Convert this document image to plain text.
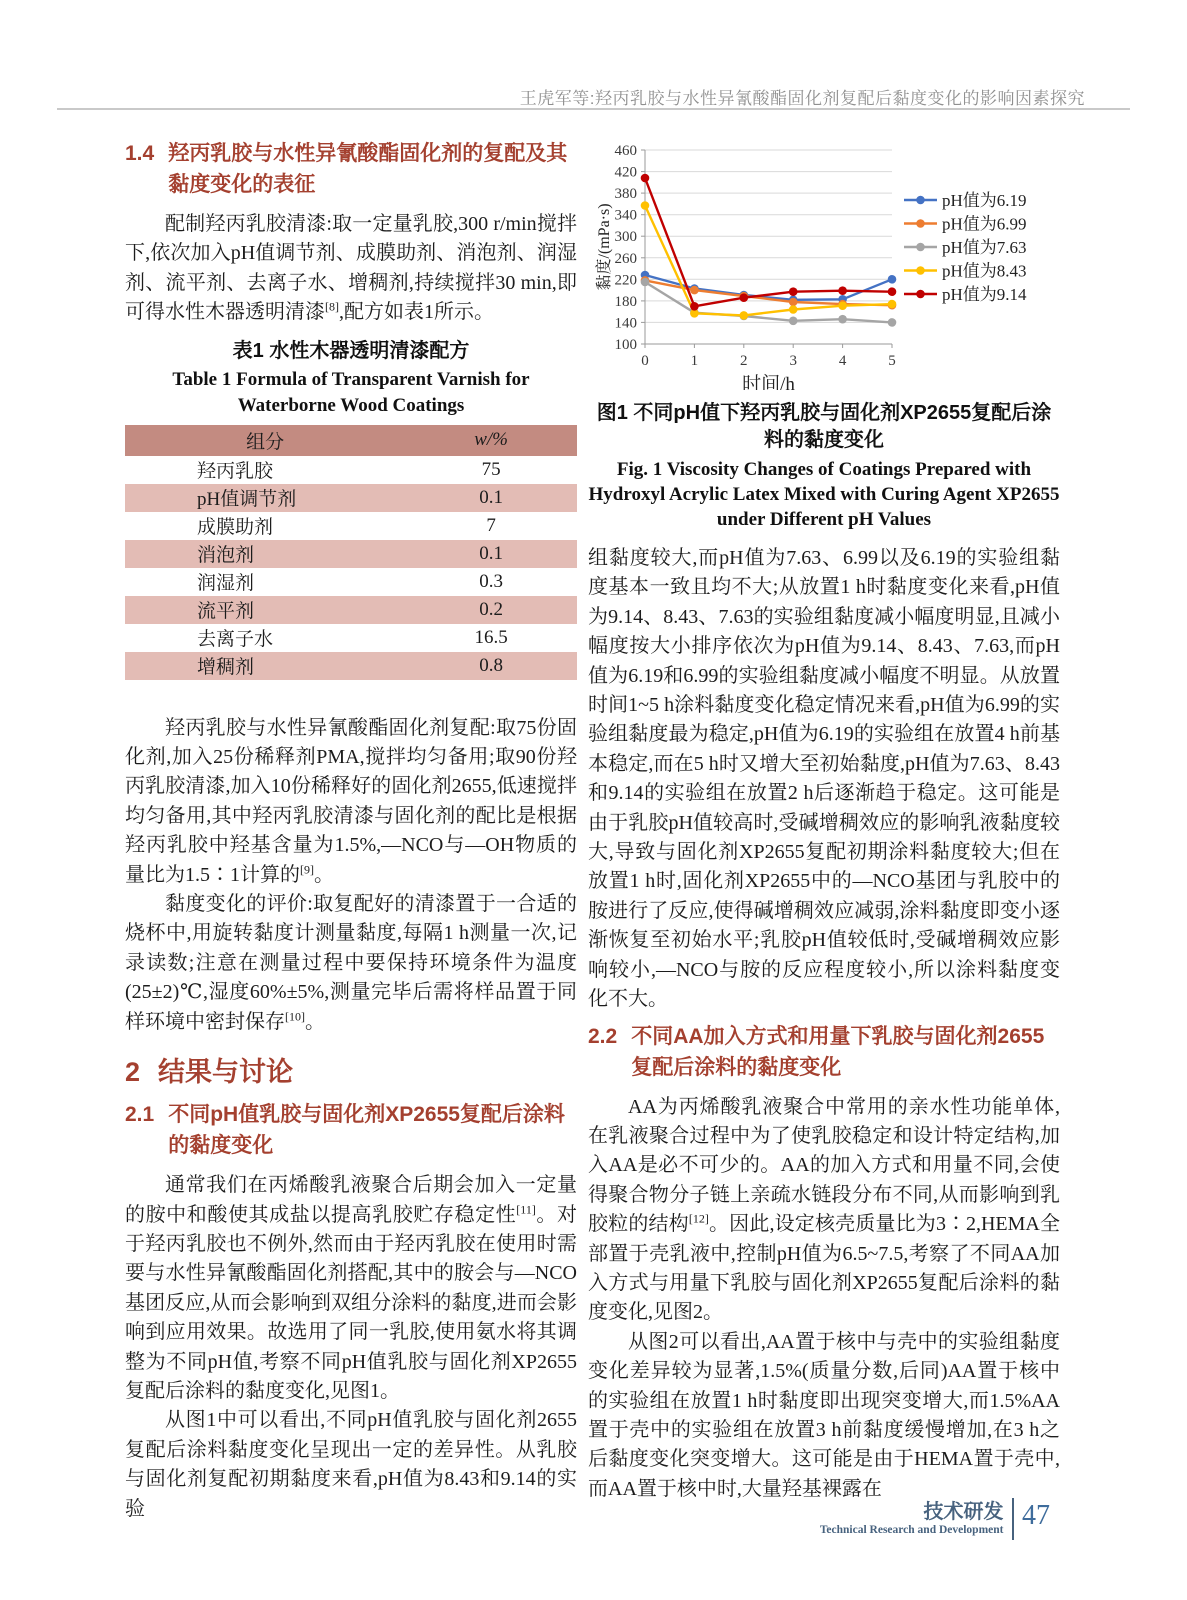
王虎军等:羟丙乳胶与水性异氰酸酯固化剂复配后黏度变化的影响因素探究
1.4 羟丙乳胶与水性异氰酸酯固化剂的复配及其黏度变化的表征

配制羟丙乳胶清漆:取一定量乳胶,300 r/min搅拌下,依次加入pH值调节剂、成膜助剂、消泡剂、润湿剂、流平剂、去离子水、增稠剂,持续搅拌30 min,即可得水性木器透明清漆[8],配方如表1所示。

表1 水性木器透明清漆配方
Table 1 Formula of Transparent Varnish for Waterborne Wood Coatings
组分	w/%
羟丙乳胶	75
pH值调节剂	0.1
成膜助剂	7
消泡剂	0.1
润湿剂	0.3
流平剂	0.2
去离子水	16.5
增稠剂	0.8

羟丙乳胶与水性异氰酸酯固化剂复配:取75份固化剂,加入25份稀释剂PMA,搅拌均匀备用;取90份羟丙乳胶清漆,加入10份稀释好的固化剂2655,低速搅拌均匀备用,其中羟丙乳胶清漆与固化剂的配比是根据羟丙乳胶中羟基含量为1.5%,—NCO与—OH物质的量比为1.5∶1计算的[9]。

黏度变化的评价:取复配好的清漆置于一合适的烧杯中,用旋转黏度计测量黏度,每隔1 h测量一次,记录读数;注意在测量过程中要保持环境条件为温度(25±2)℃,湿度60%±5%,测量完毕后需将样品置于同样环境中密封保存[10]。

2 结果与讨论
2.1 不同pH值乳胶与固化剂XP2655复配后涂料的黏度变化

通常我们在丙烯酸乳液聚合后期会加入一定量的胺中和酸使其成盐以提高乳胶贮存稳定性[11]。对于羟丙乳胶也不例外,然而由于羟丙乳胶在使用时需要与水性异氰酸酯固化剂搭配,其中的胺会与—NCO基团反应,从而会影响到双组分涂料的黏度,进而会影响到应用效果。故选用了同一乳胶,使用氨水将其调整为不同pH值,考察不同pH值乳胶与固化剂XP2655复配后涂料的黏度变化,见图1。

从图1中可以看出,不同pH值乳胶与固化剂2655复配后涂料黏度变化呈现出一定的差异性。从乳胶与固化剂复配初期黏度来看,pH值为8.43和9.14的实验

100
140
180
220
260
300
340
380
420
460
0	1	2	3	4	5
黏度/(mPa·s)
时间/h
pH值为6.19
pH值为6.99
pH值为7.63
pH值为8.43
pH值为9.14
图1 不同pH值下羟丙乳胶与固化剂XP2655复配后涂料的黏度变化
Fig. 1 Viscosity Changes of Coatings Prepared with Hydroxyl Acrylic Latex Mixed with Curing Agent XP2655 under Different pH Values

组黏度较大,而pH值为7.63、6.99以及6.19的实验组黏度基本一致且均不大;从放置1 h时黏度变化来看,pH值为9.14、8.43、7.63的实验组黏度减小幅度明显,且减小幅度按大小排序依次为pH值为9.14、8.43、7.63,而pH值为6.19和6.99的实验组黏度减小幅度不明显。从放置时间1~5 h涂料黏度变化稳定情况来看,pH值为6.99的实验组黏度最为稳定,pH值为6.19的实验组在放置4 h前基本稳定,而在5 h时又增大至初始黏度,pH值为7.63、8.43和9.14的实验组在放置2 h后逐渐趋于稳定。这可能是由于乳胶pH值较高时,受碱增稠效应的影响乳液黏度较大,导致与固化剂XP2655复配初期涂料黏度较大;但在放置1 h时,固化剂XP2655中的—NCO基团与乳胶中的胺进行了反应,使得碱增稠效应减弱,涂料黏度即变小逐渐恢复至初始水平;乳胶pH值较低时,受碱增稠效应影响较小,—NCO与胺的反应程度较小,所以涂料黏度变化不大。

2.2 不同AA加入方式和用量下乳胶与固化剂2655复配后涂料的黏度变化

AA为丙烯酸乳液聚合中常用的亲水性功能单体,在乳液聚合过程中为了使乳胶稳定和设计特定结构,加入AA是必不可少的。AA的加入方式和用量不同,会使得聚合物分子链上亲疏水链段分布不同,从而影响到乳胶粒的结构[12]。因此,设定核壳质量比为3∶2,HEMA全部置于壳乳液中,控制pH值为6.5~7.5,考察了不同AA加入方式与用量下乳胶与固化剂XP2655复配后涂料的黏度变化,见图2。

从图2可以看出,AA置于核中与壳中的实验组黏度变化差异较为显著,1.5%(质量分数,后同)AA置于核中的实验组在放置1 h时黏度即出现突变增大,而1.5%AA置于壳中的实验组在放置3 h前黏度缓慢增加,在3 h之后黏度变化突变增大。这可能是由于HEMA置于壳中,而AA置于核中时,大量羟基裸露在

技术研发
Technical Research and Development 47
